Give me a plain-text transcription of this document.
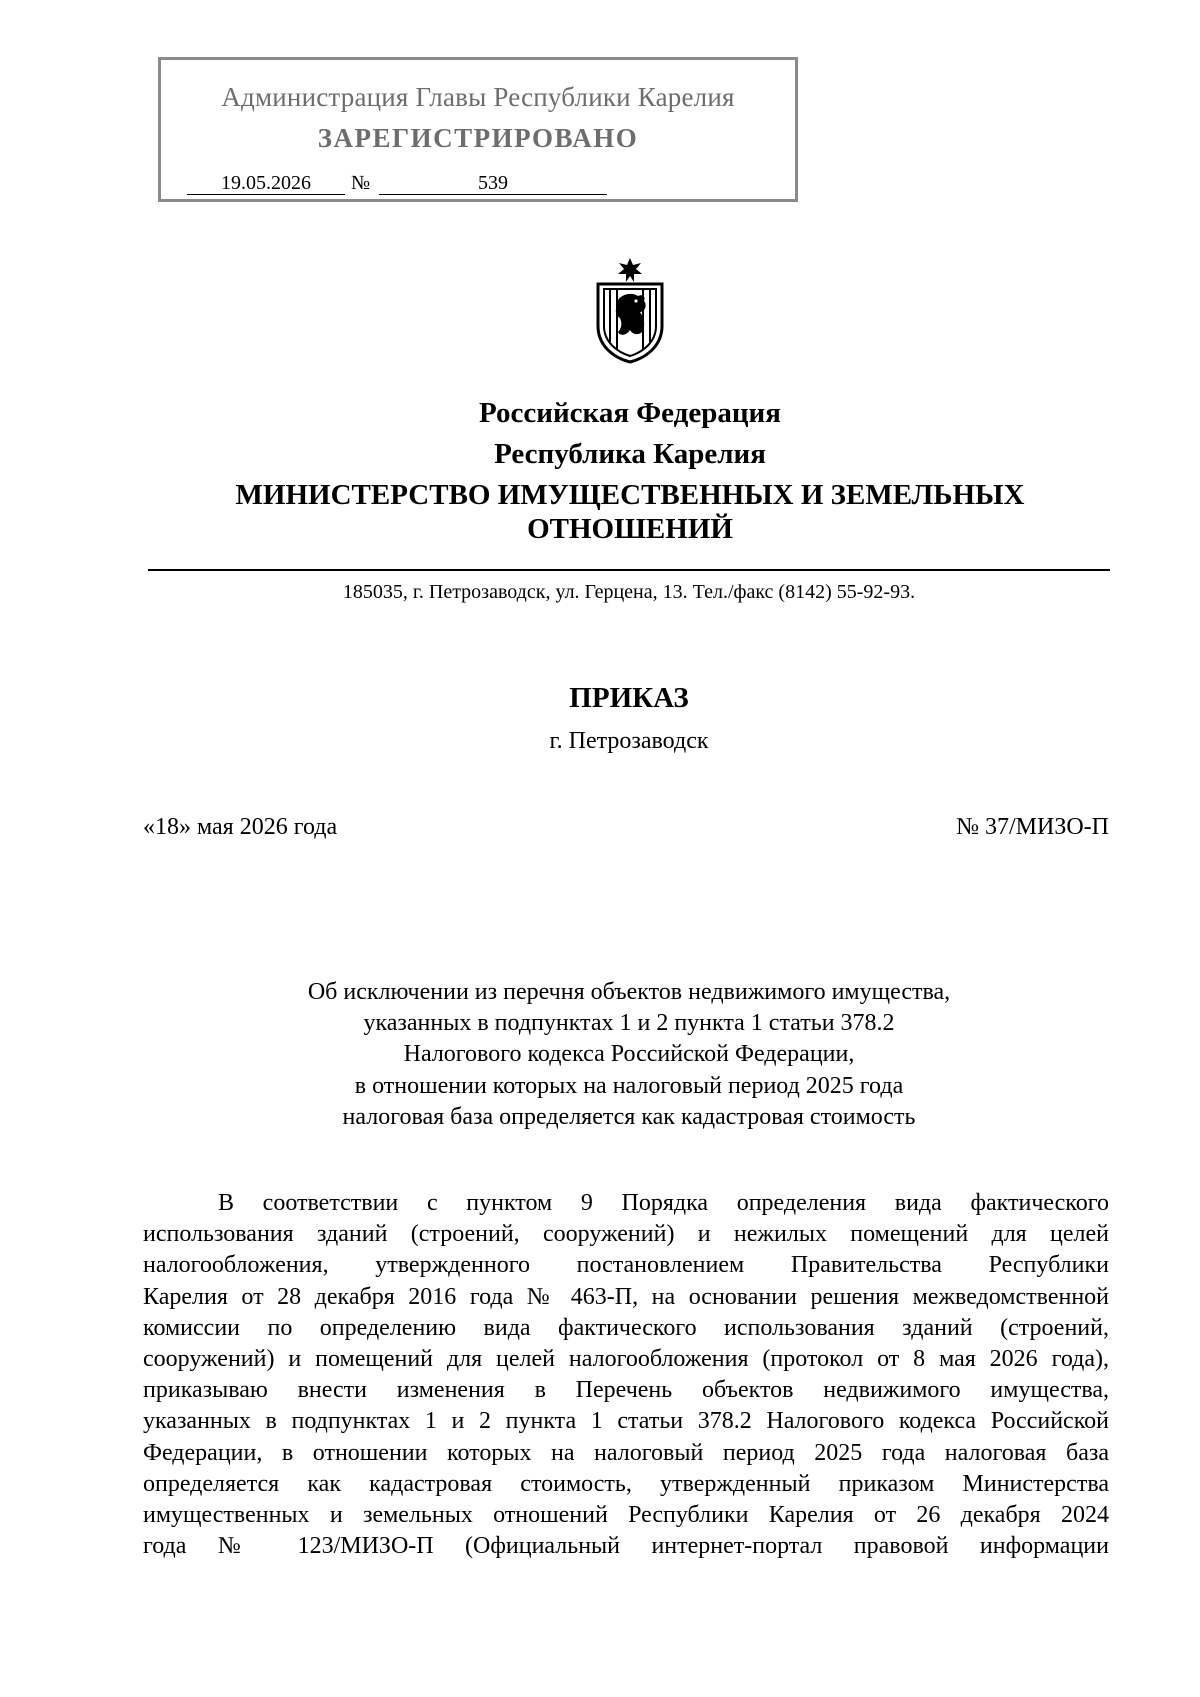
Администрация Главы Республики Карелия
ЗАРЕГИСТРИРОВАНО
19.05.2026	№	539
Российская Федерация
Республика Карелия
МИНИСТЕРСТВО ИМУЩЕСТВЕННЫХ И ЗЕМЕЛЬНЫХ
ОТНОШЕНИЙ
185035, г. Петрозаводск, ул. Герцена, 13. Тел./факс (8142) 55-92-93.
ПРИКАЗ
г. Петрозаводск
«18» мая 2026 года	№ 37/МИЗО-П
Об исключении из перечня объектов недвижимого имущества,
указанных в подпунктах 1 и 2 пункта 1 статьи 378.2
Налогового кодекса Российской Федерации,
в отношении которых на налоговый период 2025 года
налоговая база определяется как кадастровая стоимость
В соответствии с пунктом 9 Порядка определения вида фактического
использования зданий (строений, сооружений) и нежилых помещений для целей
налогообложения, утвержденного постановлением Правительства Республики
Карелия от 28 декабря 2016 года № 463-П, на основании решения межведомственной
комиссии по определению вида фактического использования зданий (строений,
сооружений) и помещений для целей налогообложения (протокол от 8 мая 2026 года),
приказываю внести изменения в Перечень объектов недвижимого имущества,
указанных в подпунктах 1 и 2 пункта 1 статьи 378.2 Налогового кодекса Российской
Федерации, в отношении которых на налоговый период 2025 года налоговая база
определяется как кадастровая стоимость, утвержденный приказом Министерства
имущественных и земельных отношений Республики Карелия от 26 декабря 2024
года № 123/МИЗО-П (Официальный интернет-портал правовой информации
